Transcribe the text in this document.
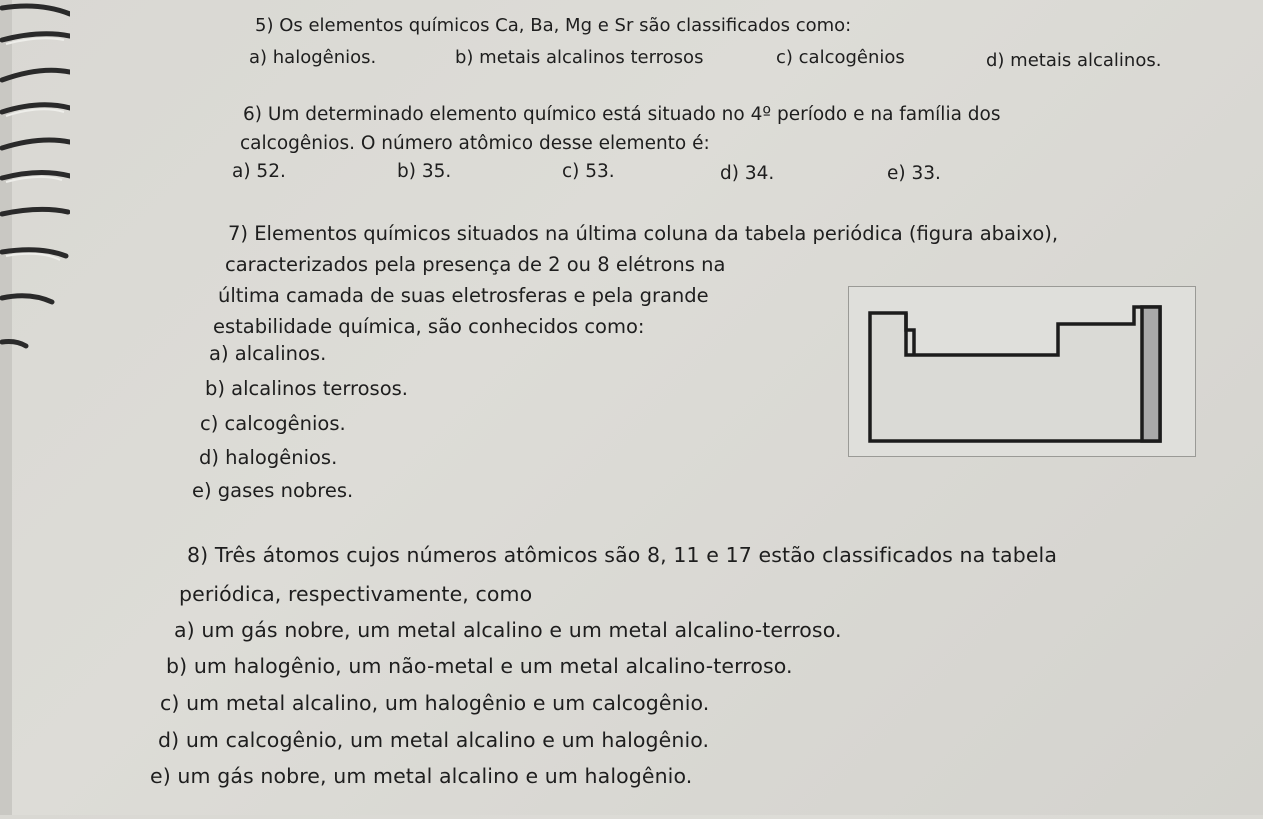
5) Os elementos químicos Ca, Ba, Mg e Sr são classificados como:
a) halogênios.	b) metais alcalinos terrosos	c) calcogênios	d) metais alcalinos.
6) Um determinado elemento químico está situado no 4º período e na família dos
calcogênios. O número atômico desse elemento é:
a) 52.	b) 35.	c) 53.	d) 34.	e) 33.
7) Elementos químicos situados na última coluna da tabela periódica (figura abaixo),
caracterizados pela presença de 2 ou 8 elétrons na
última camada de suas eletrosferas e pela grande
estabilidade química, são conhecidos como:
a) alcalinos.
b) alcalinos terrosos.
c) calcogênios.
d) halogênios.
e) gases nobres.
8) Três átomos cujos números atômicos são 8, 11 e 17 estão classificados na tabela
periódica, respectivamente, como
a) um gás nobre, um metal alcalino e um metal alcalino-terroso.
b) um halogênio, um não-metal e um metal alcalino-terroso.
c) um metal alcalino, um halogênio e um calcogênio.
d) um calcogênio, um metal alcalino e um halogênio.
e) um gás nobre, um metal alcalino e um halogênio.
